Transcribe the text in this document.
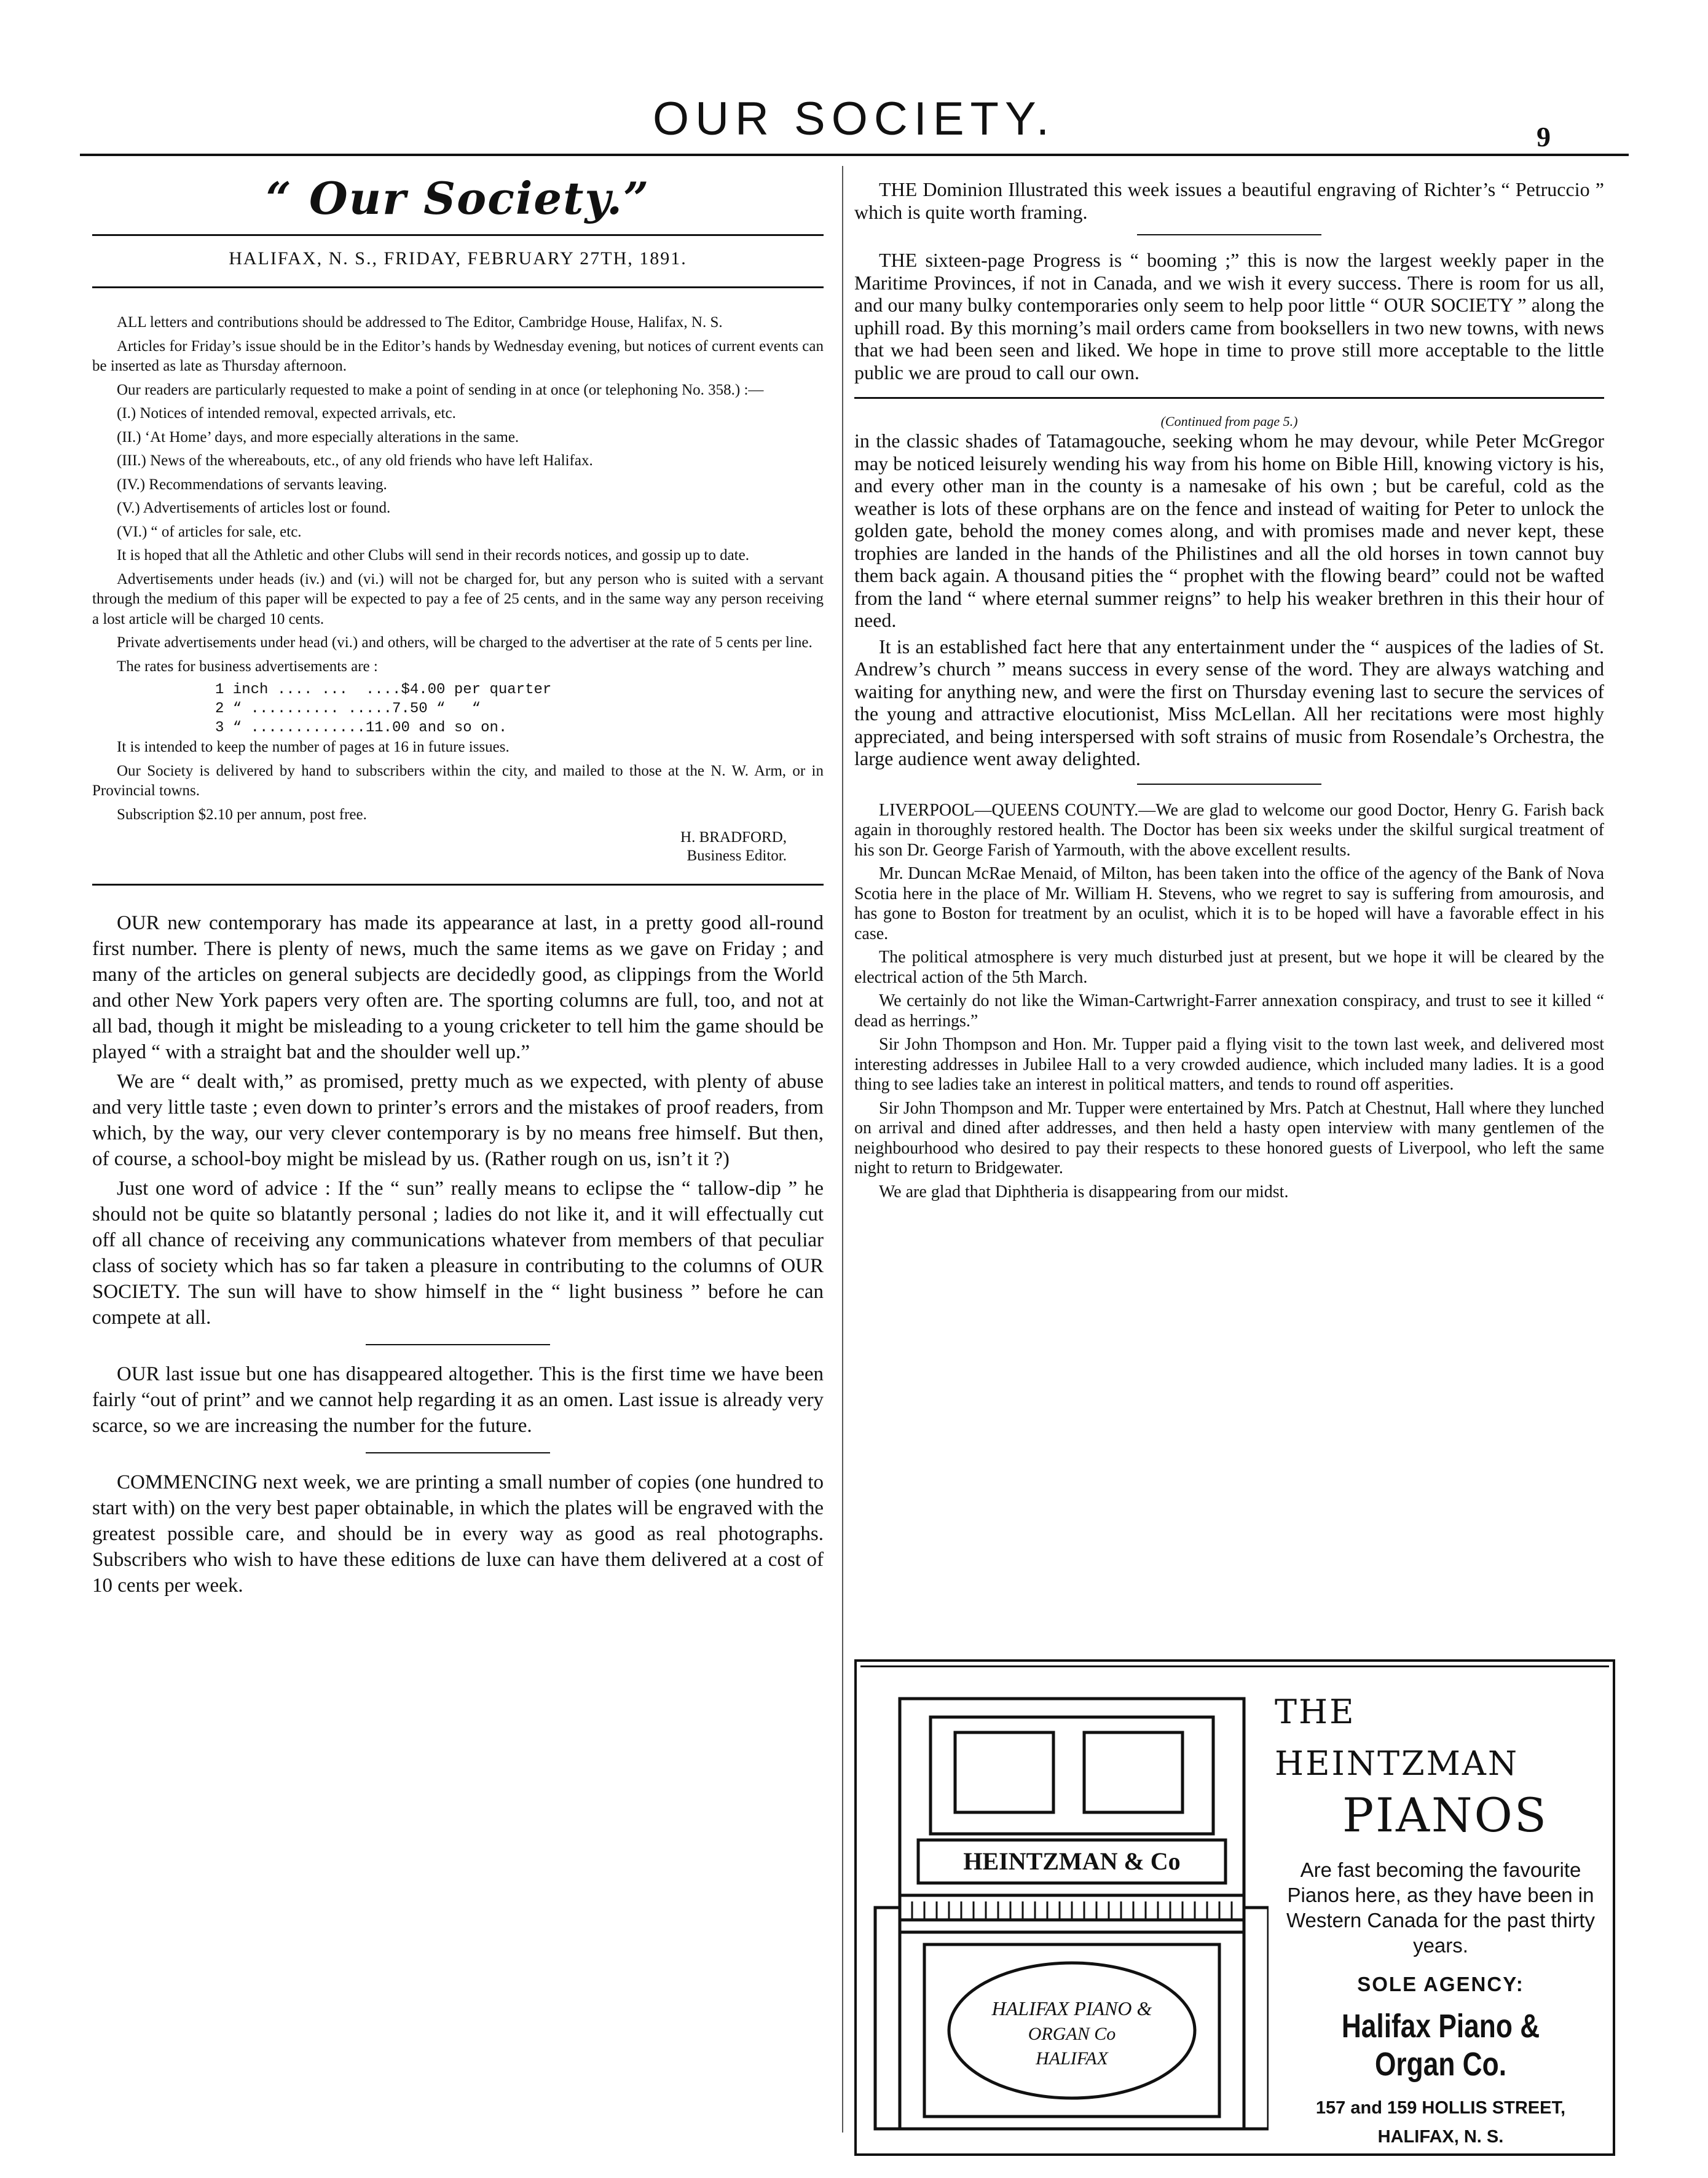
OUR SOCIETY.	9
“ Our Society.”
HALIFAX, N. S., FRIDAY, FEBRUARY 27TH, 1891.

ALL letters and contributions should be addressed to The Editor, Cambridge House, Halifax, N. S.

Articles for Friday’s issue should be in the Editor’s hands by Wednesday evening, but notices of current events can be inserted as late as Thursday afternoon.

Our readers are particularly requested to make a point of sending in at once (or telephoning No. 358.) :—

(I.) Notices of intended removal, expected arrivals, etc.

(II.) ‘At Home’ days, and more especially alterations in the same.

(III.) News of the whereabouts, etc., of any old friends who have left Halifax.

(IV.) Recommendations of servants leaving.

(V.) Advertisements of articles lost or found.

(VI.) “ of articles for sale, etc.

It is hoped that all the Athletic and other Clubs will send in their records notices, and gossip up to date.

Advertisements under heads (iv.) and (vi.) will not be charged for, but any person who is suited with a servant through the medium of this paper will be expected to pay a fee of 25 cents, and in the same way any person receiving a lost article will be charged 10 cents.

Private advertisements under head (vi.) and others, will be charged to the advertiser at the rate of 5 cents per line.

The rates for business advertisements are :

1 inch .... ...  ....$4.00 per quarter
2 “ .......... .....7.50 “   “
3 “ .............11.00 and so on.

It is intended to keep the number of pages at 16 in future issues.

Our Society is delivered by hand to subscribers within the city, and mailed to those at the N. W. Arm, or in Provincial towns.

Subscription $2.10 per annum, post free.

H. BRADFORD,
Business Editor.

OUR new contemporary has made its appearance at last, in a pretty good all-round first number. There is plenty of news, much the same items as we gave on Friday ; and many of the articles on general subjects are decidedly good, as clippings from the World and other New York papers very often are. The sporting columns are full, too, and not at all bad, though it might be misleading to a young cricketer to tell him the game should be played “ with a straight bat and the shoulder well up.”

We are “ dealt with,” as promised, pretty much as we expected, with plenty of abuse and very little taste ; even down to printer’s errors and the mistakes of proof readers, from which, by the way, our very clever contemporary is by no means free himself. But then, of course, a school-boy might be mislead by us. (Rather rough on us, isn’t it ?)

Just one word of advice : If the “ sun” really means to eclipse the “ tallow-dip ” he should not be quite so blatantly personal ; ladies do not like it, and it will effectually cut off all chance of receiving any communications whatever from members of that peculiar class of society which has so far taken a pleasure in contributing to the columns of OUR SOCIETY. The sun will have to show himself in the “ light business ” before he can compete at all.

OUR last issue but one has disappeared altogether. This is the first time we have been fairly “out of print” and we cannot help regarding it as an omen. Last issue is already very scarce, so we are increasing the number for the future.

COMMENCING next week, we are printing a small number of copies (one hundred to start with) on the very best paper obtainable, in which the plates will be engraved with the greatest possible care, and should be in every way as good as real photographs. Subscribers who wish to have these editions de luxe can have them delivered at a cost of 10 cents per week.

THE Dominion Illustrated this week issues a beautiful engraving of Richter’s “ Petruccio ” which is quite worth framing.

THE sixteen-page Progress is “ booming ;” this is now the largest weekly paper in the Maritime Provinces, if not in Canada, and we wish it every success. There is room for us all, and our many bulky contemporaries only seem to help poor little “ OUR SOCIETY ” along the uphill road. By this morning’s mail orders came from booksellers in two new towns, with news that we had been seen and liked. We hope in time to prove still more acceptable to the little public we are proud to call our own.

(Continued from page 5.)

in the classic shades of Tatamagouche, seeking whom he may devour, while Peter McGregor may be noticed leisurely wending his way from his home on Bible Hill, knowing victory is his, and every other man in the county is a namesake of his own ; but be careful, cold as the weather is lots of these orphans are on the fence and instead of waiting for Peter to unlock the golden gate, behold the money comes along, and with promises made and never kept, these trophies are landed in the hands of the Philistines and all the old horses in town cannot buy them back again. A thousand pities the “ prophet with the flowing beard” could not be wafted from the land “ where eternal summer reigns” to help his weaker brethren in this their hour of need.

It is an established fact here that any entertainment under the “ auspices of the ladies of St. Andrew’s church ” means success in every sense of the word. They are always watching and waiting for anything new, and were the first on Thursday evening last to secure the services of the young and attractive elocutionist, Miss McLellan. All her recitations were most highly appreciated, and being interspersed with soft strains of music from Rosendale’s Orchestra, the large audience went away delighted.

LIVERPOOL—QUEENS COUNTY.—We are glad to welcome our good Doctor, Henry G. Farish back again in thoroughly restored health. The Doctor has been six weeks under the skilful surgical treatment of his son Dr. George Farish of Yarmouth, with the above excellent results.

Mr. Duncan McRae Menaid, of Milton, has been taken into the office of the agency of the Bank of Nova Scotia here in the place of Mr. William H. Stevens, who we regret to say is suffering from amourosis, and has gone to Boston for treatment by an oculist, which it is to be hoped will have a favorable effect in his case.

The political atmosphere is very much disturbed just at present, but we hope it will be cleared by the electrical action of the 5th March.

We certainly do not like the Wiman-Cartwright-Farrer annexation conspiracy, and trust to see it killed “ dead as herrings.”

Sir John Thompson and Hon. Mr. Tupper paid a flying visit to the town last week, and delivered most interesting addresses in Jubilee Hall to a very crowded audience, which included many ladies. It is a good thing to see ladies take an interest in political matters, and tends to round off asperities.

Sir John Thompson and Mr. Tupper were entertained by Mrs. Patch at Chestnut, Hall where they lunched on arrival and dined after addresses, and then held a hasty open interview with many gentlemen of the neighbourhood who desired to pay their respects to these honored guests of Liverpool, who left the same night to return to Bridgewater.

We are glad that Diphtheria is disappearing from our midst.

HEINTZMAN & Co
HALIFAX PIANO &
ORGAN Co
HALIFAX
THE HEINTZMAN
PIANOS
Are fast becoming the favourite Pianos here, as they have been in Western Canada for the past thirty years.
SOLE AGENCY:
Halifax Piano & Organ Co.
157 and 159 HOLLIS STREET,
HALIFAX, N. S.
